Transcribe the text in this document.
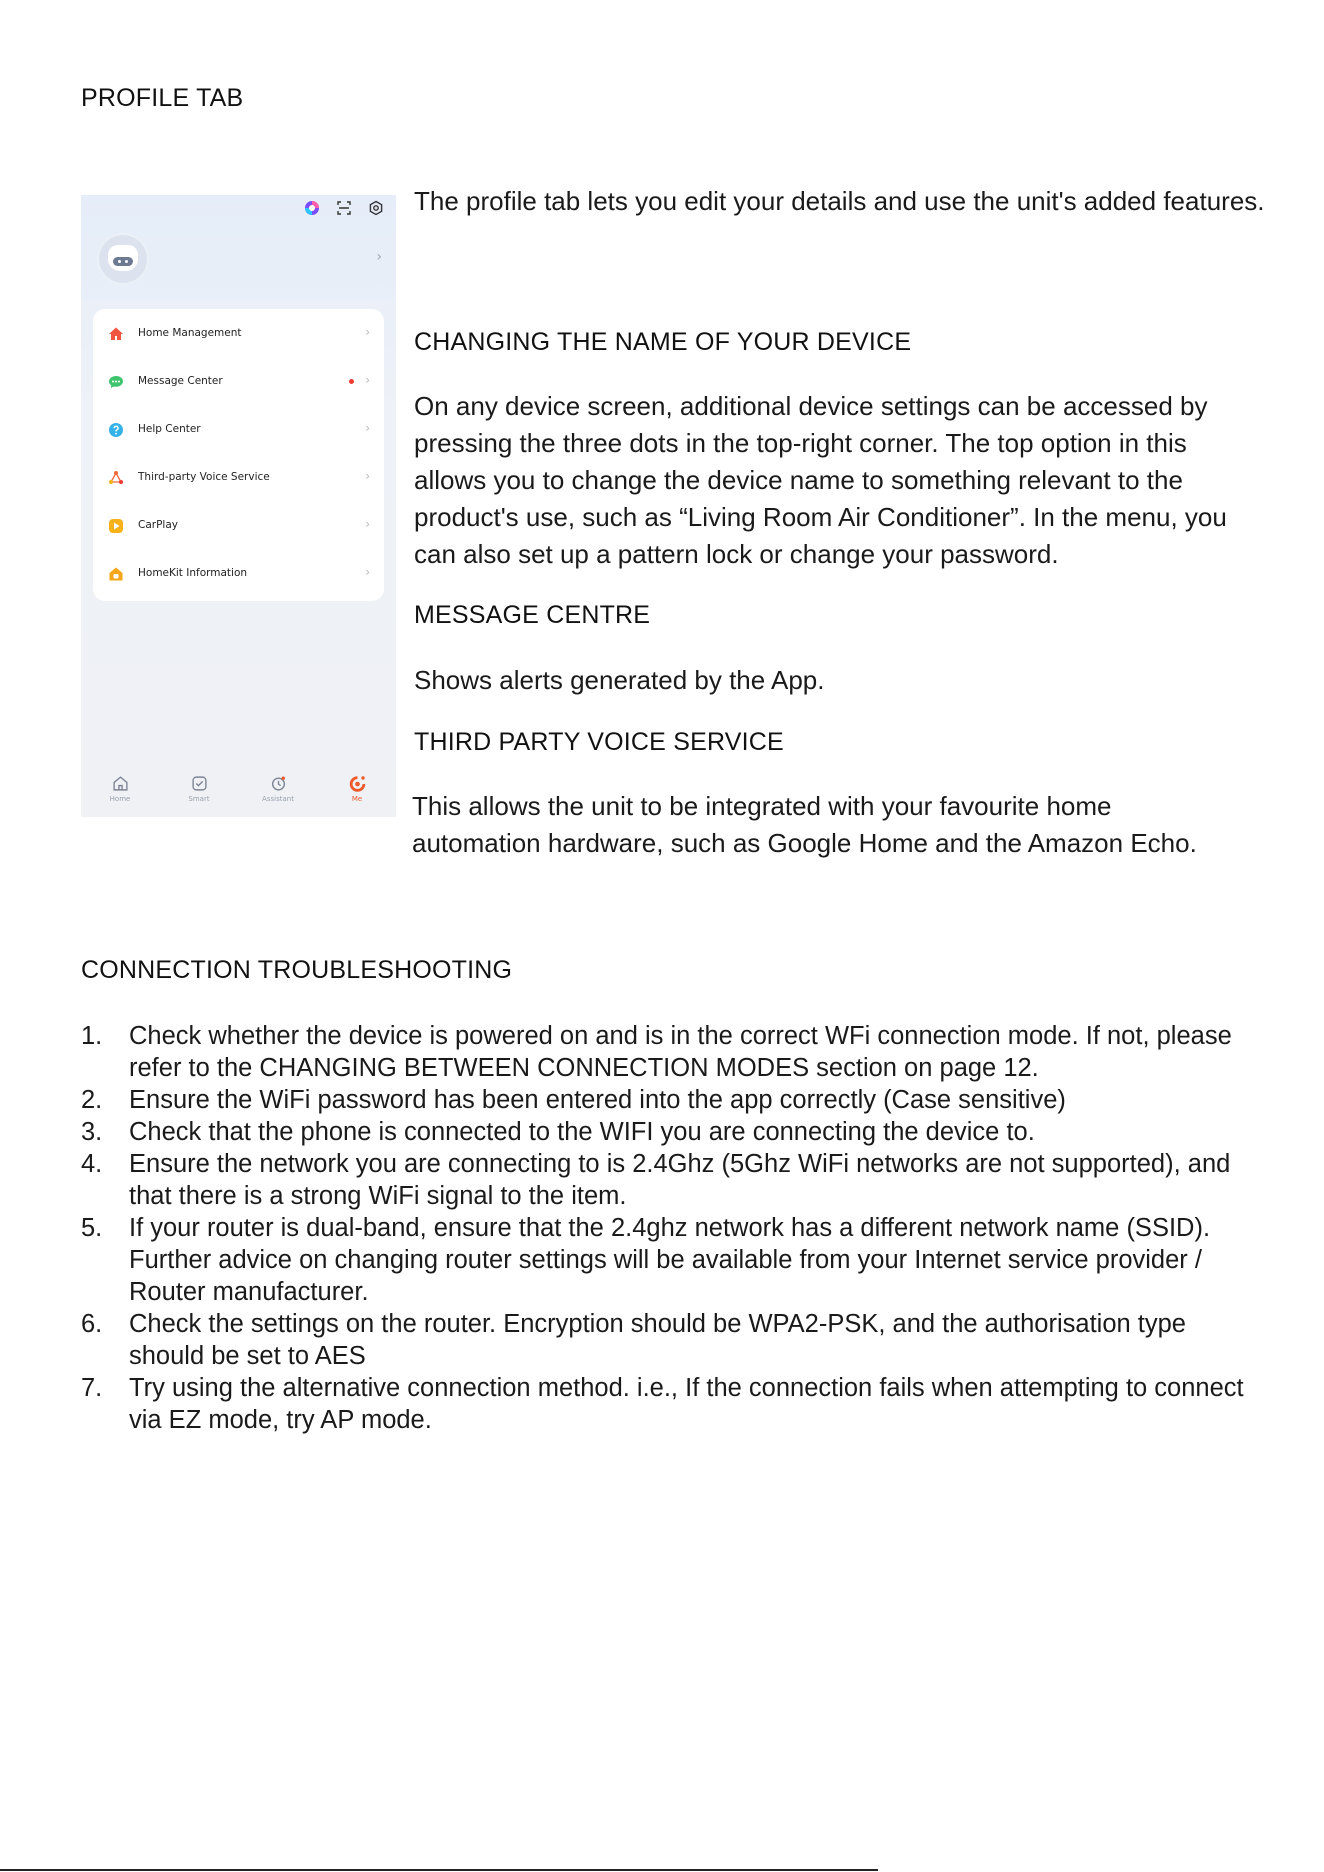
PROFILE TAB

The profile tab lets you edit your details and use the unit's added features.

CHANGING THE NAME OF YOUR DEVICE

On any device screen, additional device settings can be accessed by pressing the three dots in the top-right corner. The top option in this allows you to change the device name to something relevant to the product's use, such as “Living Room Air Conditioner”. In the menu, you can also set up a pattern lock or change your password.

MESSAGE CENTRE

Shows alerts generated by the App.

THIRD PARTY VOICE SERVICE

This allows the unit to be integrated with your favourite home automation hardware, such as Google Home and the Amazon Echo.

CONNECTION TROUBLESHOOTING
›
Home Management	›
Message Center	›
Help Center	›
Third-party Voice Service	›
CarPlay	›
HomeKit Information	›
Home	Smart	Assistant	Me
1. Check whether the device is powered on and is in the correct WFi connection mode. If not, please refer to the CHANGING BETWEEN CONNECTION MODES section on page 12.
2. Ensure the WiFi password has been entered into the app correctly (Case sensitive)
3. Check that the phone is connected to the WIFI you are connecting the device to.
4. Ensure the network you are connecting to is 2.4Ghz (5Ghz WiFi networks are not supported), and that there is a strong WiFi signal to the item.
5. If your router is dual-band, ensure that the 2.4ghz network has a different network name (SSID). Further advice on changing router settings will be available from your Internet service provider / Router manufacturer.
6. Check the settings on the router. Encryption should be WPA2-PSK, and the authorisation type should be set to AES
7. Try using the alternative connection method. i.e., If the connection fails when attempting to connect via EZ mode, try AP mode.
